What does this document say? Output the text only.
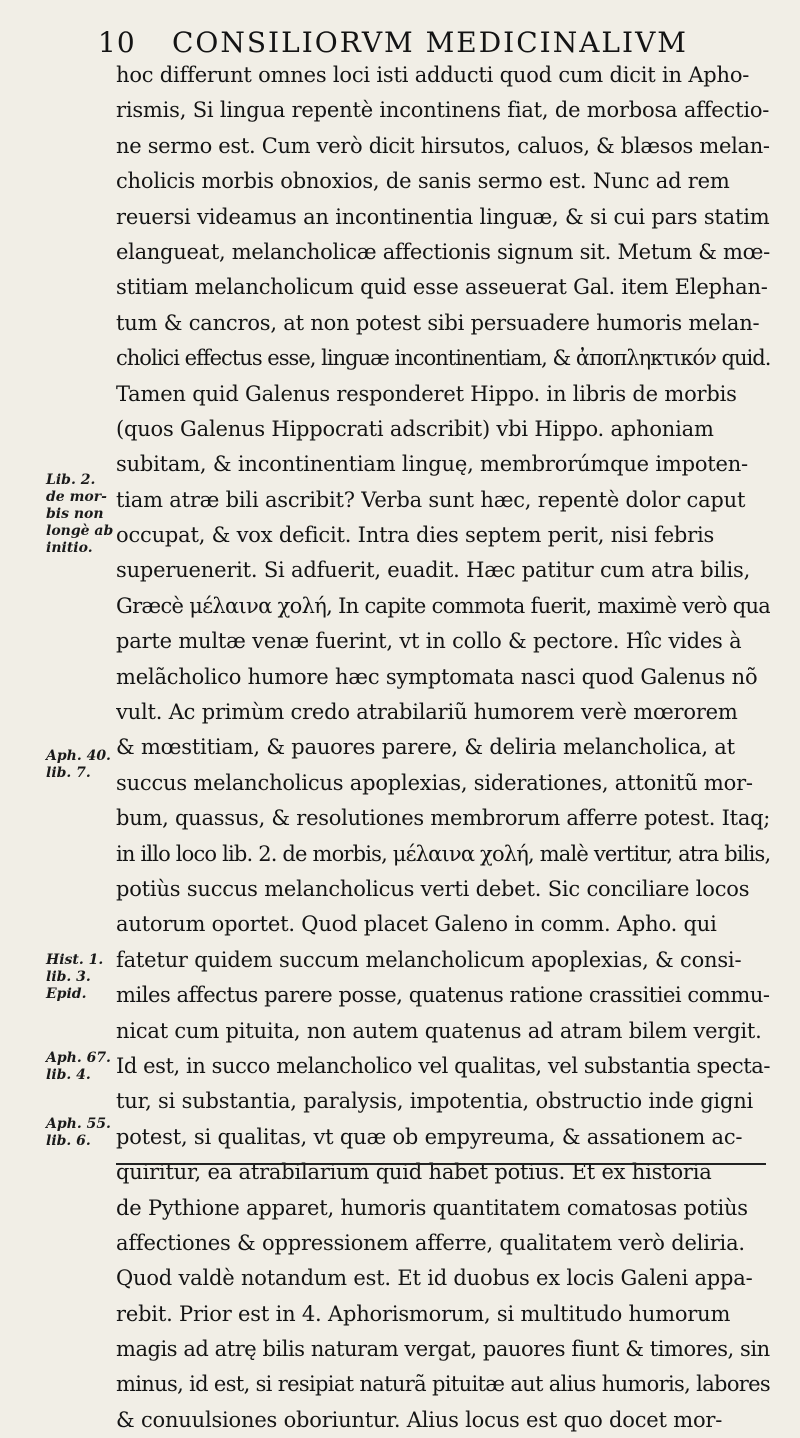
10 CONSILIORVM MEDICINALIVM
hoc differunt omnes loci isti adducti quod cum dicit in Apho-
rismis, Si lingua repentè incontinens fiat, de morbosa affectio-
ne sermo est. Cum verò dicit hirsutos, caluos, & blæsos melan-
cholicis morbis obnoxios, de sanis sermo est. Nunc ad rem
reuersi videamus an incontinentia linguæ, & si cui pars statim
elangueat, melancholicæ affectionis signum sit. Metum & mœ-
stitiam melancholicum quid esse asseuerat Gal. item Elephan-
tum & cancros, at non potest sibi persuadere humoris melan-
cholici effectus esse, linguæ incontinentiam, & ἀποπληκτικόν quid.
Tamen quid Galenus responderet Hippo. in libris de morbis
(quos Galenus Hippocrati adscribit) vbi Hippo. aphoniam
subitam, & incontinentiam linguę, membrorúmque impoten-
tiam atræ bili ascribit? Verba sunt hæc, repentè dolor caput
occupat, & vox deficit. Intra dies septem perit, nisi febris
superuenerit. Si adfuerit, euadit. Hæc patitur cum atra bilis,
Græcè μέλαινα χολή, In capite commota fuerit, maximè verò qua
parte multæ venæ fuerint, vt in collo & pectore. Hîc vides à
melãcholico humore hæc symptomata nasci quod Galenus nõ
vult. Ac primùm credo atrabilariũ humorem verè mœrorem
& mœstitiam, & pauores parere, & deliria melancholica, at
succus melancholicus apoplexias, siderationes, attonitũ mor-
bum, quassus, & resolutiones membrorum afferre potest. Itaq;
in illo loco lib. 2. de morbis, μέλαινα χολή, malè vertitur, atra bilis,
potiùs succus melancholicus verti debet. Sic conciliare locos
autorum oportet. Quod placet Galeno in comm. Apho. qui
fatetur quidem succum melancholicum apoplexias, & consi-
miles affectus parere posse, quatenus ratione crassitiei commu-
nicat cum pituita, non autem quatenus ad atram bilem vergit.
Id est, in succo melancholico vel qualitas, vel substantia specta-
tur, si substantia, paralysis, impotentia, obstructio inde gigni
potest, si qualitas, vt quæ ob empyreuma, & assationem ac-
quiritur, ea atrabilarium quid habet potius. Et ex historia
de Pythione apparet, humoris quantitatem comatosas potiùs
affectiones & oppressionem afferre, qualitatem verò deliria.
Quod valdè notandum est. Et id duobus ex locis Galeni appa-
rebit. Prior est in 4. Aphorismorum, si multitudo humorum
magis ad atrę bilis naturam vergat, pauores fiunt & timores, sin
minus, id est, si resipiat naturã pituitæ aut alius humoris, labores
& conuulsiones oboriuntur. Alius locus est quo docet mor-
Lib. 2.
de mor-
bis non
longè ab
initio.
Aph. 40.
lib. 7.
Hist. 1.
lib. 3.
Epid.
Aph. 67.
lib. 4.
Aph. 55.
lib. 6.
